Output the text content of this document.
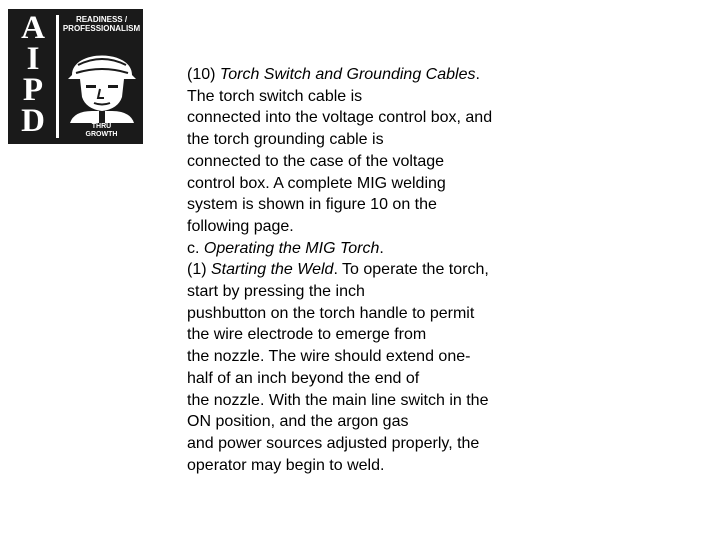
A
I
P
D
READINESS /
PROFESSIONALISM
THRU
GROWTH
(10) Torch Switch and Grounding Cables.
The torch switch cable is
connected into the voltage control box, and
the torch grounding cable is
connected to the case of the voltage
control box. A complete MIG welding
system is shown in figure 10 on the
following page.
c. Operating the MIG Torch.
(1) Starting the Weld. To operate the torch,
start by pressing the inch
pushbutton on the torch handle to permit
the wire electrode to emerge from
the nozzle. The wire should extend one-
half of an inch beyond the end of
the nozzle. With the main line switch in the
ON position, and the argon gas
and power sources adjusted properly, the
operator may begin to weld.
